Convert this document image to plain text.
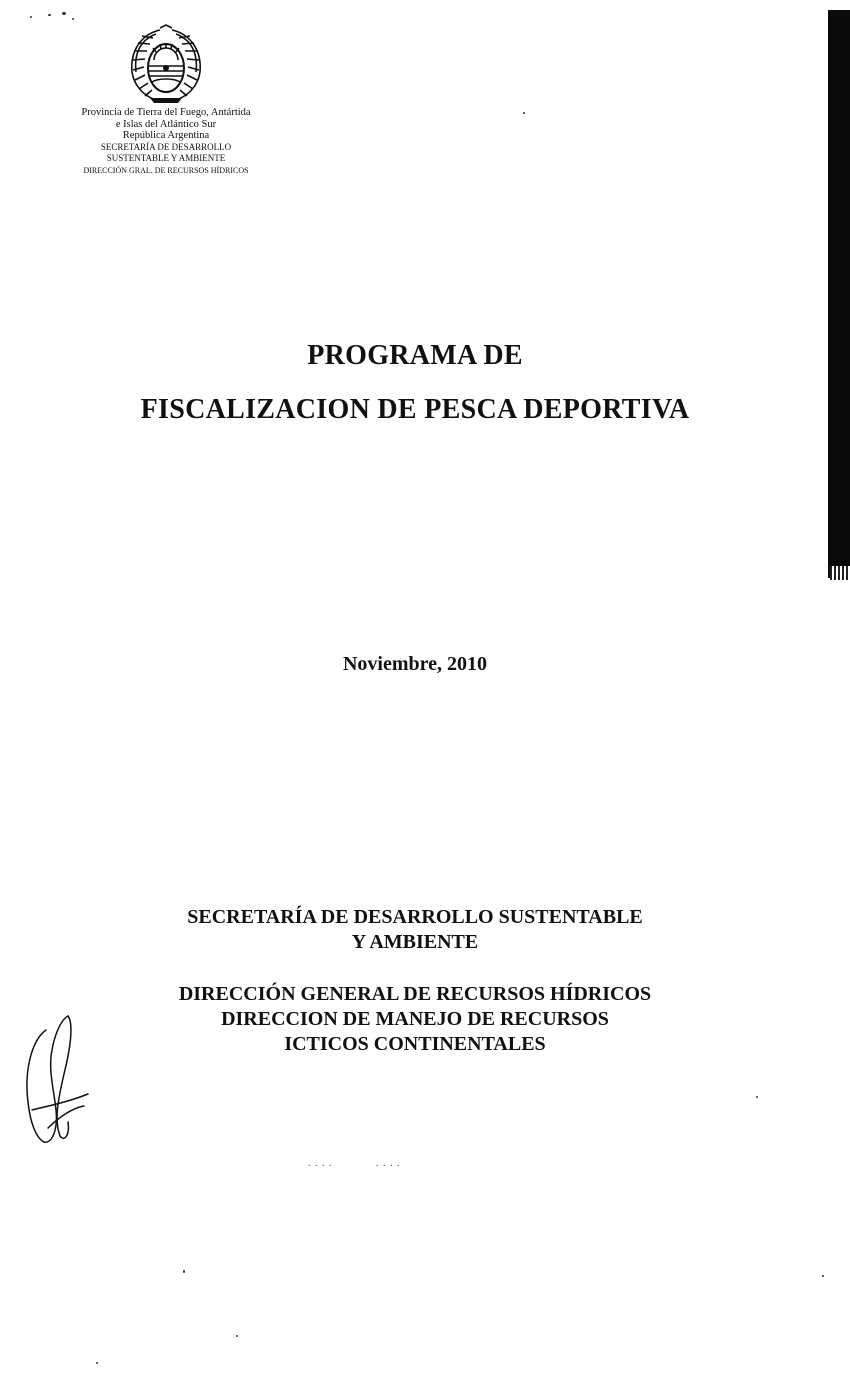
Provincia de Tierra del Fuego, Antártida
e Islas del Atlántico Sur
República Argentina
SECRETARÍA DE DESARROLLO
SUSTENTABLE Y AMBIENTE
DIRECCIÓN GRAL. DE RECURSOS HÍDRICOS
PROGRAMA DE
FISCALIZACION DE PESCA DEPORTIVA
Noviembre, 2010
SECRETARÍA DE DESARROLLO SUSTENTABLE
Y AMBIENTE
DIRECCIÓN GENERAL DE RECURSOS HÍDRICOS
DIRECCION DE MANEJO DE RECURSOS
ICTICOS CONTINENTALES
. . . .	. . . .
